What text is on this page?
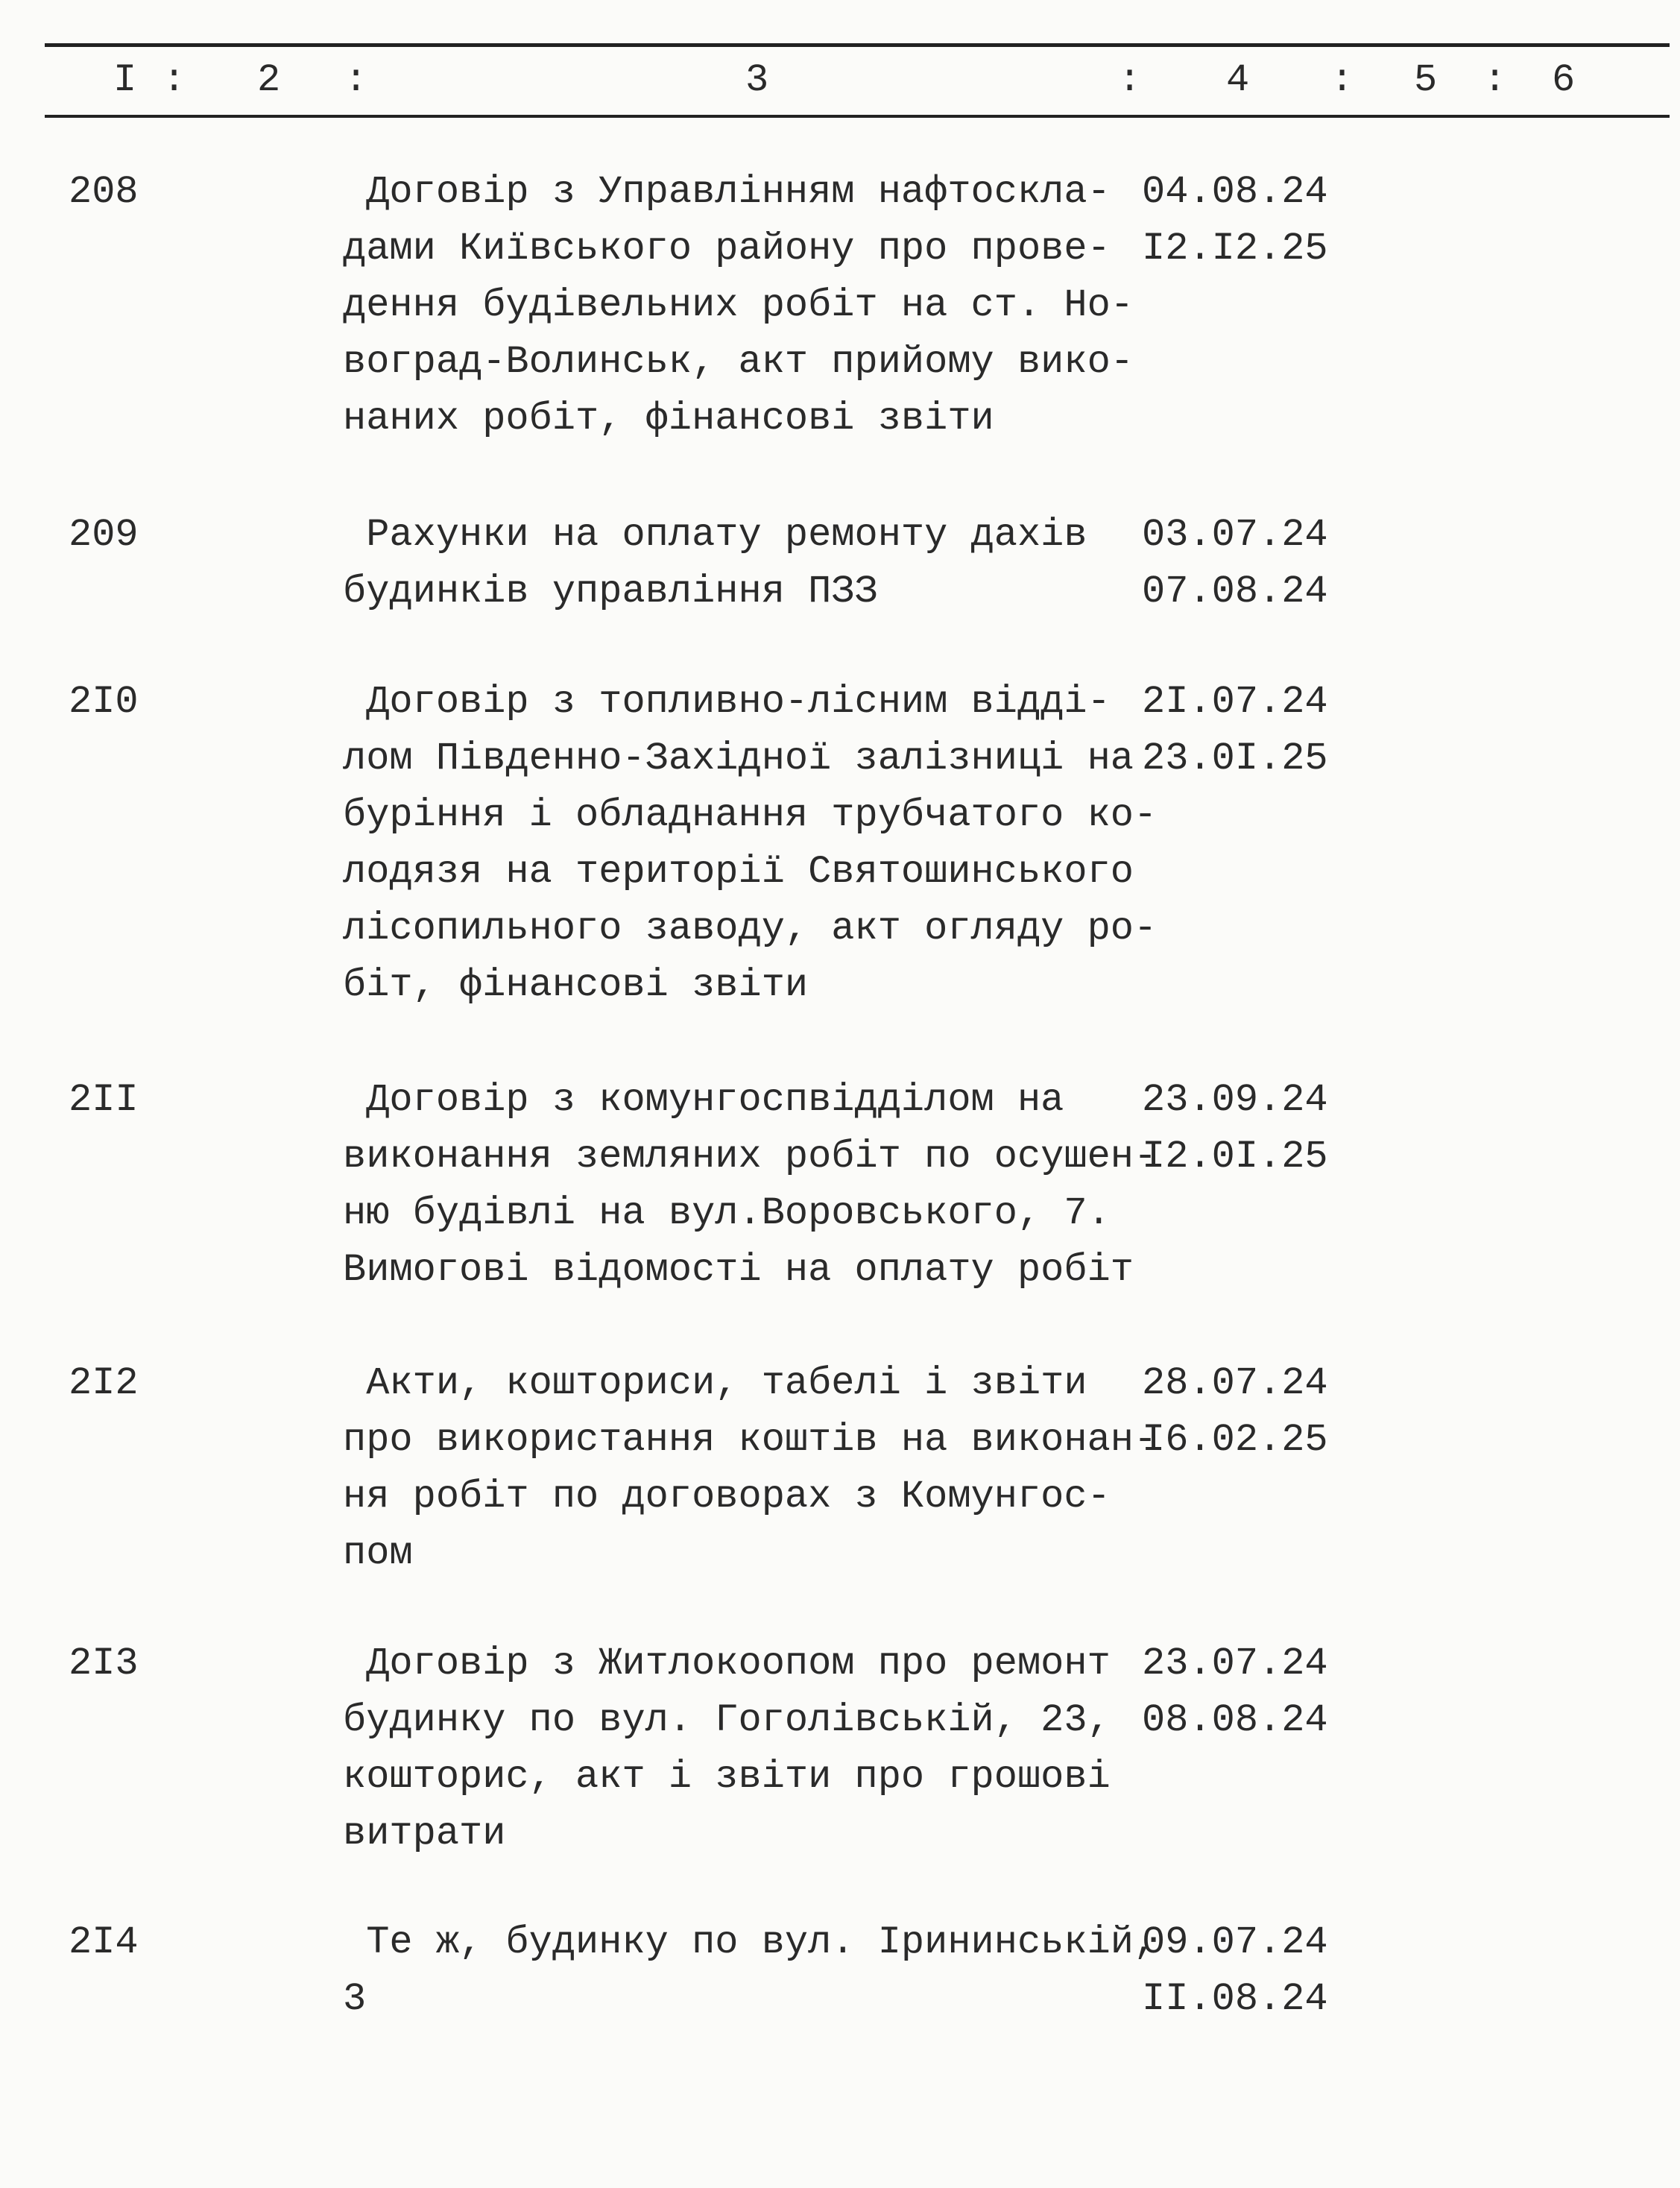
I : 2 :	3	: 4 : 5 : 6
208	Договір з Управлінням нафтоскла-
дами Київського району про прове-
дення будівельних робіт на ст. Но-
воград-Волинськ, акт прийому вико-
наних робіт, фінансові звіти
04.08.24
I2.I2.25
209	Рахунки на оплату ремонту дахів
будинків управління ПЗЗ
03.07.24
07.08.24
2I0	Договір з топливно-лісним відді-
лом Південно-Західної залізниці на
буріння і обладнання трубчатого ко-
лодязя на території Святошинського
лісопильного заводу, акт огляду ро-
біт, фінансові звіти
2I.07.24
23.0I.25
2II	Договір з комунгоспвідділом на
виконання земляних робіт по осушен-
ню будівлі на вул.Воровського, 7.
Вимогові відомості на оплату робіт
23.09.24
I2.0I.25
2I2	Акти, кошториси, табелі і звіти
про використання коштів на виконан-
ня робіт по договорах з Комунгос-
пом
28.07.24
I6.02.25
2I3	Договір з Житлокоопом про ремонт
будинку по вул. Гоголівській, 23,
кошторис, акт і звіти про грошові
витрати
23.07.24
08.08.24
2I4	Те ж, будинку по вул. Ірининській,
3
09.07.24
II.08.24
